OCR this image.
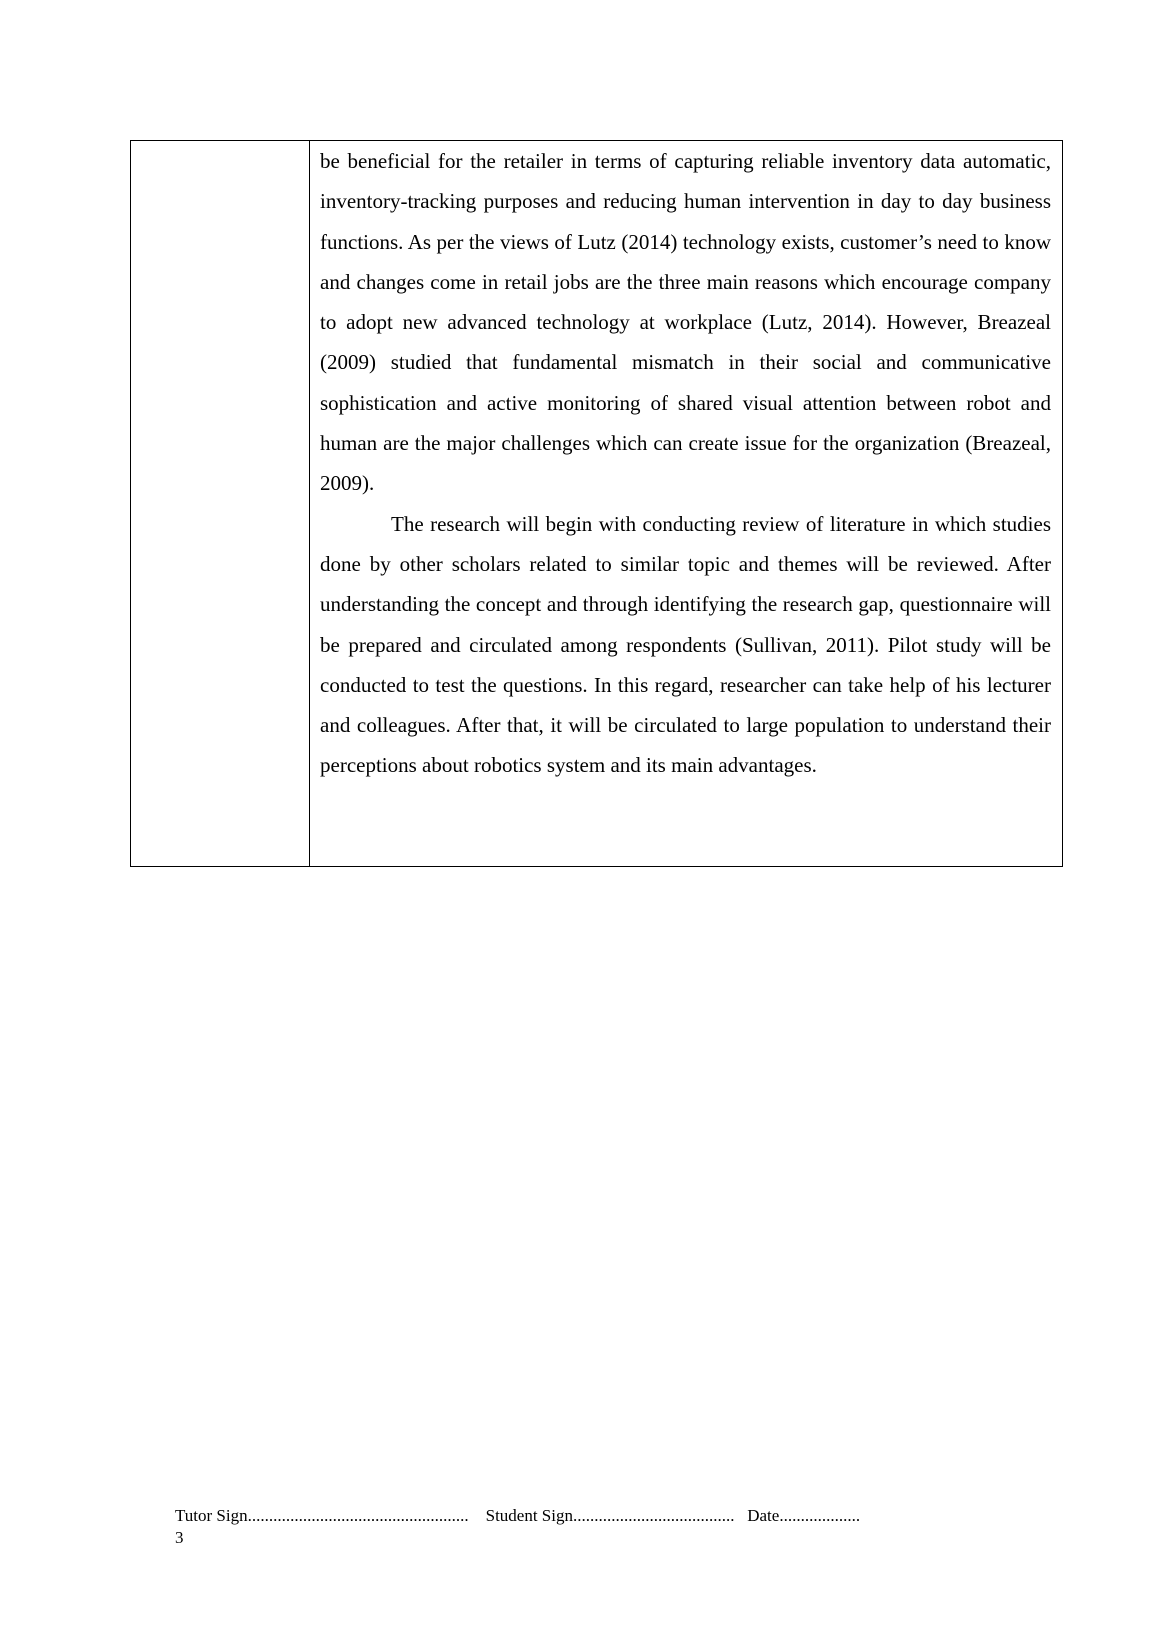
be beneficial for the retailer in terms of capturing reliable inventory data automatic, inventory-tracking purposes and reducing human intervention in day to day business functions. As per the views of Lutz (2014) technology exists, customer’s need to know and changes come in retail jobs are the three main reasons which encourage company to adopt new advanced technology at workplace (Lutz, 2014). However, Breazeal (2009) studied that fundamental mismatch in their social and communicative sophistication and active monitoring of shared visual attention between robot and human are the major challenges which can create issue for the organization (Breazeal, 2009).

The research will begin with conducting review of literature in which studies done by other scholars related to similar topic and themes will be reviewed. After understanding the concept and through identifying the research gap, questionnaire will be prepared and circulated among respondents (Sullivan, 2011). Pilot study will be conducted to test the questions. In this regard, researcher can take help of his lecturer and colleagues. After that, it will be circulated to large population to understand their perceptions about robotics system and its main advantages.

Tutor Sign.................................................... Student Sign...................................... Date...................
3
